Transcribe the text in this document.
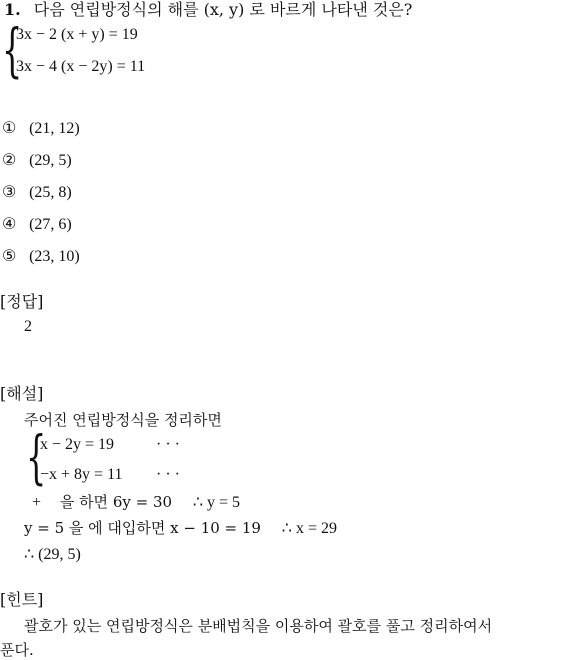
1. 다음 연립방정식의 해를 (x, y) 로 바르게 나타낸 것은?
{
3x − 2 (x + y) = 19
3x − 4 (x − 2y) = 11
① (21, 12)
② (29, 5)
③ (25, 8)
④ (27, 6)
⑤ (23, 10)
[정답]
2
[해설]
주어진 연립방정식을 정리하면
{
x − 2y = 19	· · ·
−x + 8y = 11 · · ·
+ 을 하면 6y = 30 ∴ y = 5
y = 5 을 에 대입하면 x − 10 = 19 ∴ x = 29
∴ (29, 5)
[힌트]
괄호가 있는 연립방정식은 분배법칙을 이용하여 괄호를 풀고 정리하여서
푼다.
